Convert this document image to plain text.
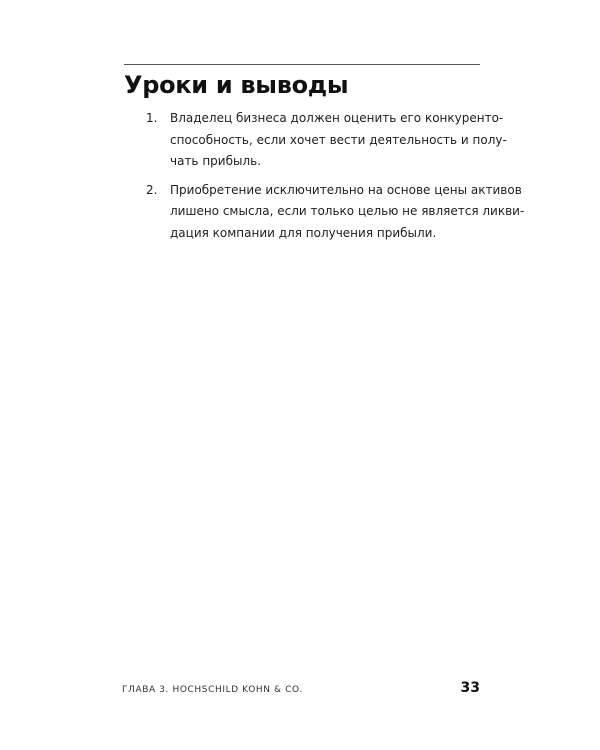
Уроки и выводы
1. Владелец бизнеса должен оценить его конкуренто-
способность, если хочет вести деятельность и полу-
чать прибыль.
2. Приобретение исключительно на основе цены активов
лишено смысла, если только целью не является ликви-
дация компании для получения прибыли.
ГЛАВА 3. HOCHSCHILD KOHN & CO.	33
